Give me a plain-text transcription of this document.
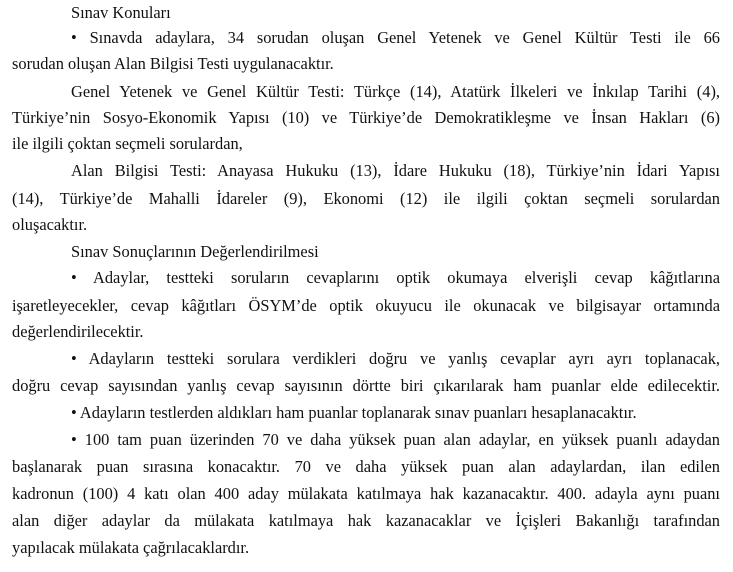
Sınav Konuları
• Sınavda adaylara, 34 sorudan oluşan Genel Yetenek ve Genel Kültür Testi ile 66
sorudan oluşan Alan Bilgisi Testi uygulanacaktır.
Genel Yetenek ve Genel Kültür Testi: Türkçe (14), Atatürk İlkeleri ve İnkılap Tarihi (4),
Türkiye’nin Sosyo-Ekonomik Yapısı (10) ve Türkiye’de Demokratikleşme ve İnsan Hakları (6)
ile ilgili çoktan seçmeli sorulardan,
Alan Bilgisi Testi: Anayasa Hukuku (13), İdare Hukuku (18), Türkiye’nin İdari Yapısı
(14), Türkiye’de Mahalli İdareler (9), Ekonomi (12) ile ilgili çoktan seçmeli sorulardan
oluşacaktır.
Sınav Sonuçlarının Değerlendirilmesi
• Adaylar, testteki soruların cevaplarını optik okumaya elverişli cevap kâğıtlarına
işaretleyecekler, cevap kâğıtları ÖSYM’de optik okuyucu ile okunacak ve bilgisayar ortamında
değerlendirilecektir.
• Adayların testteki sorulara verdikleri doğru ve yanlış cevaplar ayrı ayrı toplanacak,
doğru cevap sayısından yanlış cevap sayısının dörtte biri çıkarılarak ham puanlar elde edilecektir.
• Adayların testlerden aldıkları ham puanlar toplanarak sınav puanları hesaplanacaktır.
• 100 tam puan üzerinden 70 ve daha yüksek puan alan adaylar, en yüksek puanlı adaydan
başlanarak puan sırasına konacaktır. 70 ve daha yüksek puan alan adaylardan, ilan edilen
kadronun (100) 4 katı olan 400 aday mülakata katılmaya hak kazanacaktır. 400. adayla aynı puanı
alan diğer adaylar da mülakata katılmaya hak kazanacaklar ve İçişleri Bakanlığı tarafından
yapılacak mülakata çağrılacaklardır.
